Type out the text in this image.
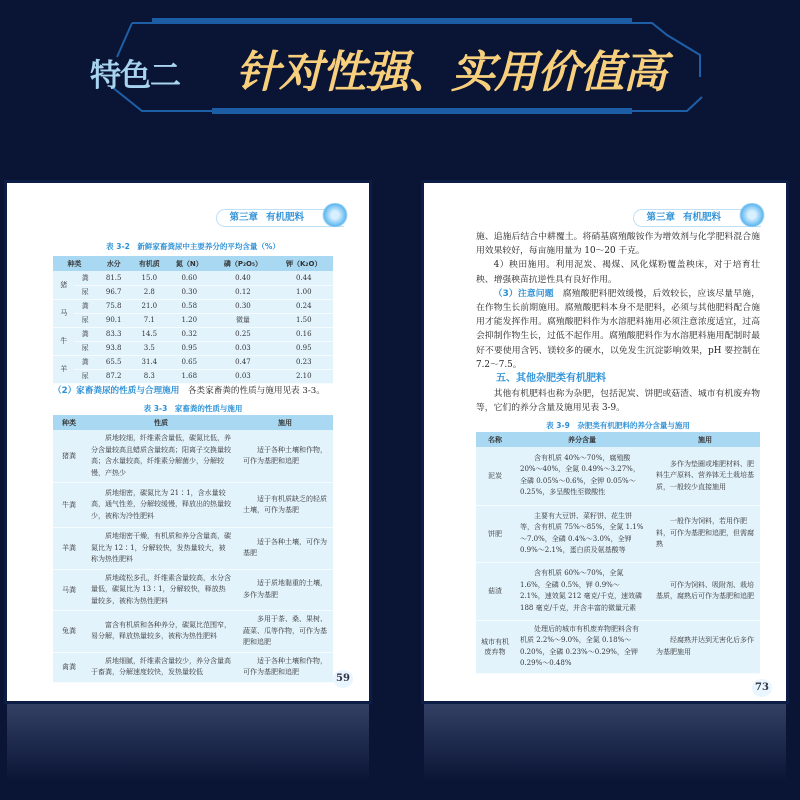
特色二 针对性强、实用价值高
第三章 有机肥料
表 3-2　新鲜家畜粪尿中主要养分的平均含量（%）
种类		水分	有机质	氮（N）	磷（P₂O₅）	钾（K₂O）
猪	粪	81.5	15.0	0.60	0.40	0.44
	尿	96.7	2.8	0.30	0.12	1.00
马	粪	75.8	21.0	0.58	0.30	0.24
	尿	90.1	7.1	1.20	微量	1.50
牛	粪	83.3	14.5	0.32	0.25	0.16
	尿	93.8	3.5	0.95	0.03	0.95
羊	粪	65.5	31.4	0.65	0.47	0.23
	尿	87.2	8.3	1.68	0.03	2.10
（2）家畜粪尿的性质与合理施用　 各类家畜粪的性质与施用见表 3-3。
表 3-3　家畜粪的性质与施用
种类	性质	施用
猪粪	质地较细，纤维素含量低，碳氮比低，养分含量较高且蜡质含量较高；阳离子交换量较高；含水量较高，纤维素分解菌少，分解较慢，产热少	适于各种土壤和作物，可作为基肥和追肥
牛粪	质地细密，碳氮比为 21∶1，含水量较高，通气性差，分解较缓慢，释放出的热量较少，被称为冷性肥料	适于有机质缺乏的轻质土壤，可作为基肥
羊粪	质地细密干燥，有机质和养分含量高，碳氮比为 12∶1，分解较快，发热量较大，被称为热性肥料	适于各种土壤，可作为基肥
马粪	质地疏松多孔，纤维素含量较高，水分含量低，碳氮比为 13∶1，分解较快，释放热量较多，被称为热性肥料	适于质地黏重的土壤，多作为基肥
兔粪	富含有机质和各种养分，碳氮比范围窄，易分解，释放热量较多，被称为热性肥料	多用于茶、桑、果树、蔬菜、瓜等作物，可作为基肥和追肥
禽粪	质地细腻，纤维素含量较少，养分含量高于畜粪，分解速度较快，发热量较低	适于各种土壤和作物，可作为基肥和追肥
59
第三章 有机肥料
施、追施后结合中耕覆土。将硝基腐殖酸铵作为增效剂与化学肥料混合施用效果较好，每亩施用量为 10～20 千克。

4）秧田施用。利用泥炭、褐煤、风化煤粉覆盖秧床，对于培育壮秧、增强秧苗抗逆性具有良好作用。

（3）注意问题　 腐殖酸肥料肥效缓慢，后效较长，应该尽量早施，在作物生长前期施用。腐殖酸肥料本身不是肥料，必须与其他肥料配合施用才能发挥作用。腐殖酸肥料作为水溶肥料施用必须注意浓度适宜，过高会抑制作物生长，过低不起作用。腐殖酸肥料作为水溶肥料施用配制时最好不要使用含钙、镁较多的硬水，以免发生沉淀影响效果，pH 要控制在 7.2～7.5。

五、其他杂肥类有机肥料

其他有机肥料也称为杂肥，包括泥炭、饼肥或菇渣、城市有机废弃物等，它们的养分含量及施用见表 3-9。

表 3-9　杂肥类有机肥料的养分含量与施用
名称	养分含量	施用
泥炭	含有机质 40%～70%，腐殖酸 20%～40%，全氮 0.49%～3.27%，全磷 0.05%～0.6%，全钾 0.05%～0.25%，多呈酸性至微酸性	多作为垫圈或堆肥材料、肥料生产原料、营养钵无土栽培基质，一般较少直接施用
饼肥	主要有大豆饼、菜籽饼、花生饼等，含有机质 75%～85%，全氮 1.1%～7.0%，全磷 0.4%～3.0%，全钾 0.9%～2.1%，蛋白质及氨基酸等	一般作为饲料，若用作肥料，可作为基肥和追肥，但需腐熟
菇渣	含有机质 60%～70%，全氮 1.6%，全磷 0.5%，钾 0.9%～2.1%，速效氮 212 毫克/千克，速效磷 188 毫克/千克，并含丰富的微量元素	可作为饲料、吸附剂、栽培基质，腐熟后可作为基肥和追肥
城市有机废弃物	处理后的城市有机废弃物肥料含有机质 2.2%～9.0%，全氮 0.18%～0.20%，全磷 0.23%～0.29%，全钾 0.29%～0.48%	经腐熟并达到无害化后多作为基肥施用
73
